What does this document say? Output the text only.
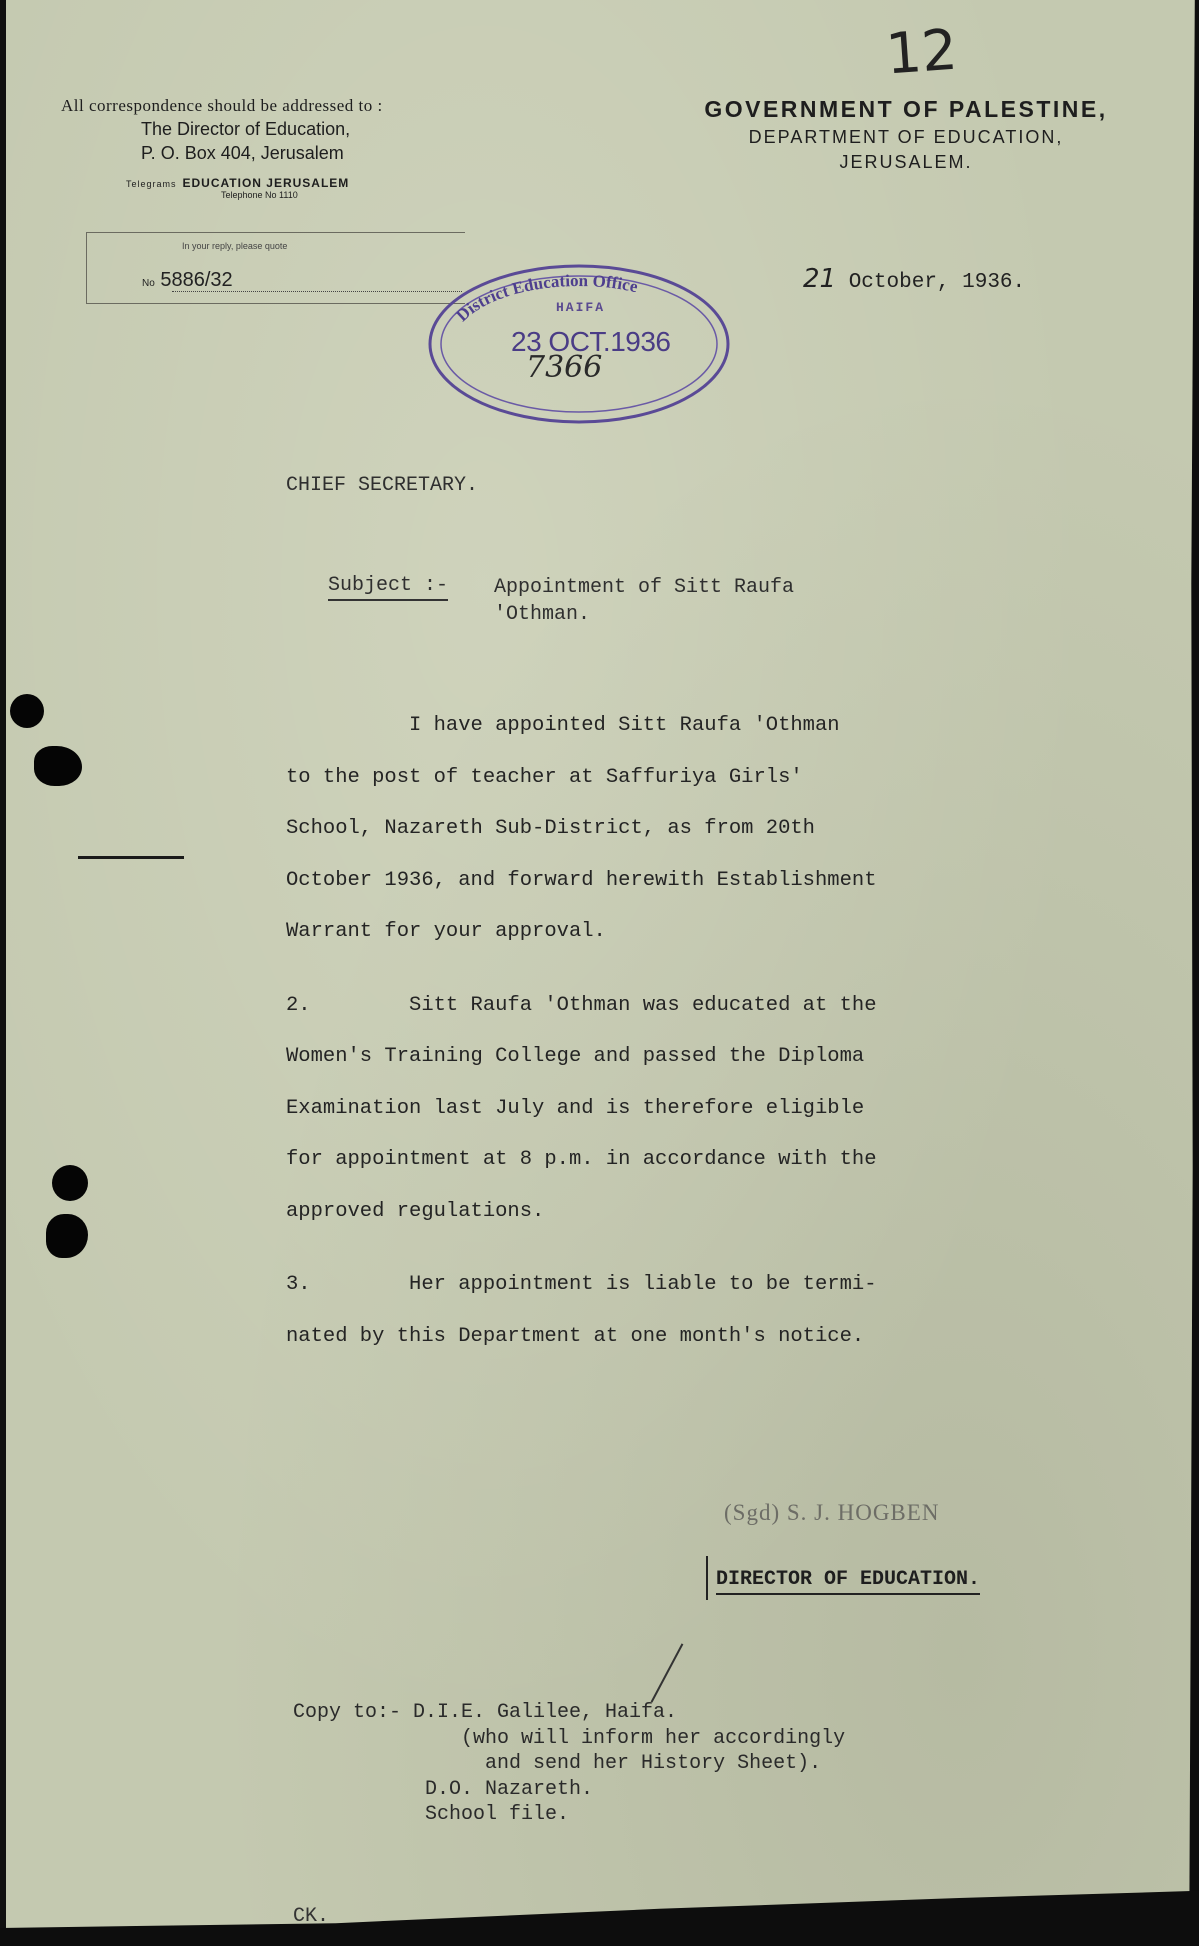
12
All correspondence should be addressed to :
The Director of Education,
P. O. Box 404, Jerusalem
Telegrams EDUCATION JERUSALEM
Telephone No 1110
GOVERNMENT OF PALESTINE,
DEPARTMENT OF EDUCATION,
JERUSALEM.
In your reply, please quote
No 5886/32
District Education Office
HAIFA
23 OCT.1936
7366
21 October, 1936.
CHIEF SECRETARY.
Subject :- Appointment of Sitt Raufa
'Othman.

I have appointed Sitt Raufa 'Othman

to the post of teacher at Saffuriya Girls'

School, Nazareth Sub-District, as from 20th

October 1936, and forward herewith Establishment

Warrant for your approval.

2.        Sitt Raufa 'Othman was educated at the

Women's Training College and passed the Diploma

Examination last July and is therefore eligible

for appointment at 8 p.m. in accordance with the

approved regulations.

3.        Her appointment is liable to be termi-

nated by this Department at one month's notice.

(Sgd) S. J. HOGBEN
DIRECTOR OF EDUCATION.
Copy to:- D.I.E. Galilee, Haifa.
(who will inform her accordingly
and send her History Sheet).
D.O. Nazareth.
School file.
CK.
